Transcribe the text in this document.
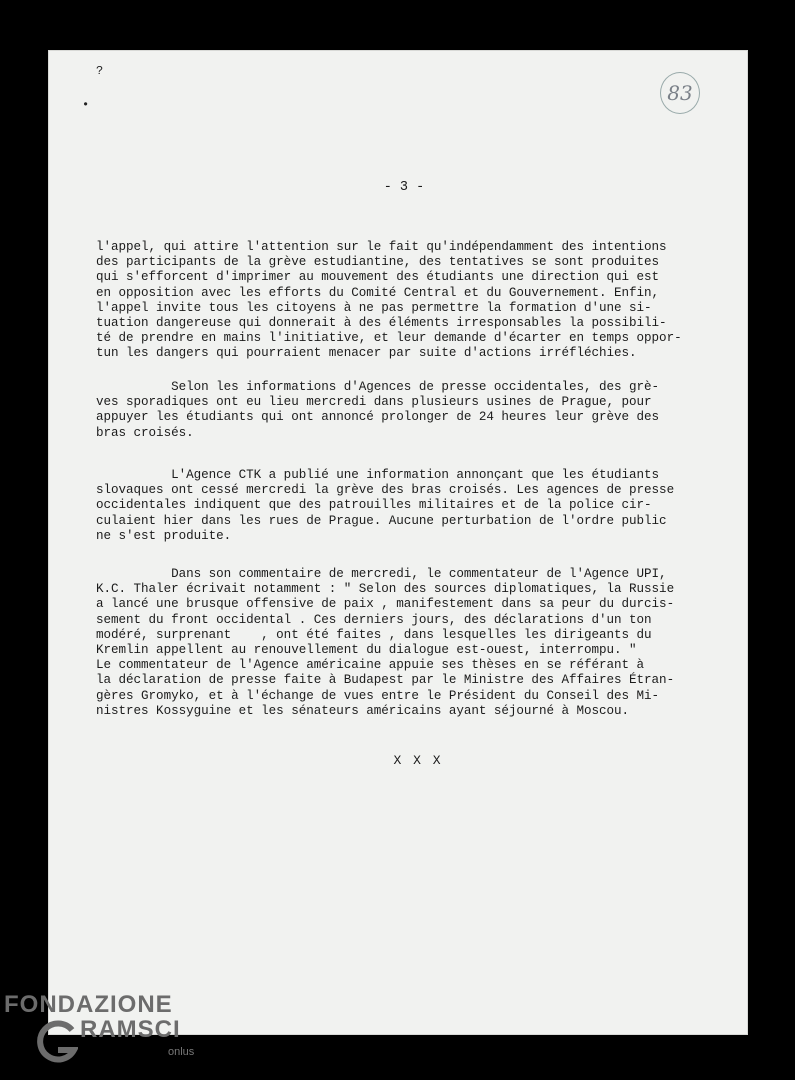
?
•	83
- 3 -
l'appel, qui attire l'attention sur le fait qu'indépendamment des intentions
des participants de la grève estudiantine, des tentatives se sont produites
qui s'efforcent d'imprimer au mouvement des étudiants une direction qui est
en opposition avec les efforts du Comité Central et du Gouvernement. Enfin,
l'appel invite tous les citoyens à ne pas permettre la formation d'une si-
tuation dangereuse qui donnerait à des éléments irresponsables la possibili-
té de prendre en mains l'initiative, et leur demande d'écarter en temps oppor-
tun les dangers qui pourraient menacer par suite d'actions irréfléchies.
Selon les informations d'Agences de presse occidentales, des grè-
ves sporadiques ont eu lieu mercredi dans plusieurs usines de Prague, pour
appuyer les étudiants qui ont annoncé prolonger de 24 heures leur grève des
bras croisés.
L'Agence CTK a publié une information annonçant que les étudiants
slovaques ont cessé mercredi la grève des bras croisés. Les agences de presse
occidentales indiquent que des patrouilles militaires et de la police cir-
culaient hier dans les rues de Prague. Aucune perturbation de l'ordre public
ne s'est produite.
Dans son commentaire de mercredi, le commentateur de l'Agence UPI,
K.C. Thaler écrivait notamment : " Selon des sources diplomatiques, la Russie
a lancé une brusque offensive de paix , manifestement dans sa peur du durcis-
sement du front occidental . Ces derniers jours, des déclarations d'un ton
modéré, surprenant    , ont été faites , dans lesquelles les dirigeants du
Kremlin appellent au renouvellement du dialogue est-ouest, interrompu. "
Le commentateur de l'Agence américaine appuie ses thèses en se référant à
la déclaration de presse faite à Budapest par le Ministre des Affaires Étran-
gères Gromyko, et à l'échange de vues entre le Président du Conseil des Mi-
nistres Kossyguine et les sénateurs américains ayant séjourné à Moscou.
X X X
FONDAZIONE
RAMSCI
onlus
